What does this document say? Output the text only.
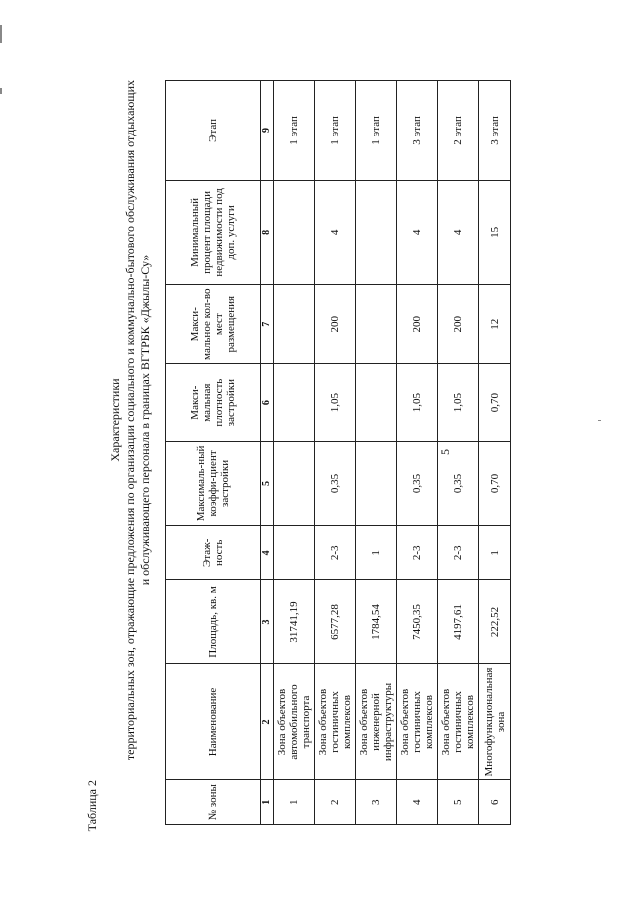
5
Таблица 2
Характеристики территориальных зон, отражающие предложения по организации социального и коммунально-бытового обслуживания отдыхающих и обслуживающего персонала в границах ВГТРБК «Джылы-Су»
№ зоны	Наименование	Площадь, кв. м	Этаж-ность	Максималь-ный коэффи-циент застройки	Макси-мальная плотность застройки	Макси-мальное кол-во мест размещения	Минимальный процент площади недвижимости под доп. услуги	Этап
1	2	3	4	5	6	7	8	9
1	Зона объектов автомобильного транспорта	31741,19						1 этап
2	Зона объектов гостиничных комплексов	6577,28	2-3	0,35	1,05	200	4	1 этап
3	Зона объектов инженерной инфраструктуры	1784,54	1					1 этап
4	Зона объектов гостиничных комплексов	7450,35	2-3	0,35	1,05	200	4	3 этап
5	Зона объектов гостиничных комплексов	4197,61	2-3	0,35	1,05	200	4	2 этап
6	Многофункциональная зона	222,52	1	0,70	0,70	12	15	3 этап
